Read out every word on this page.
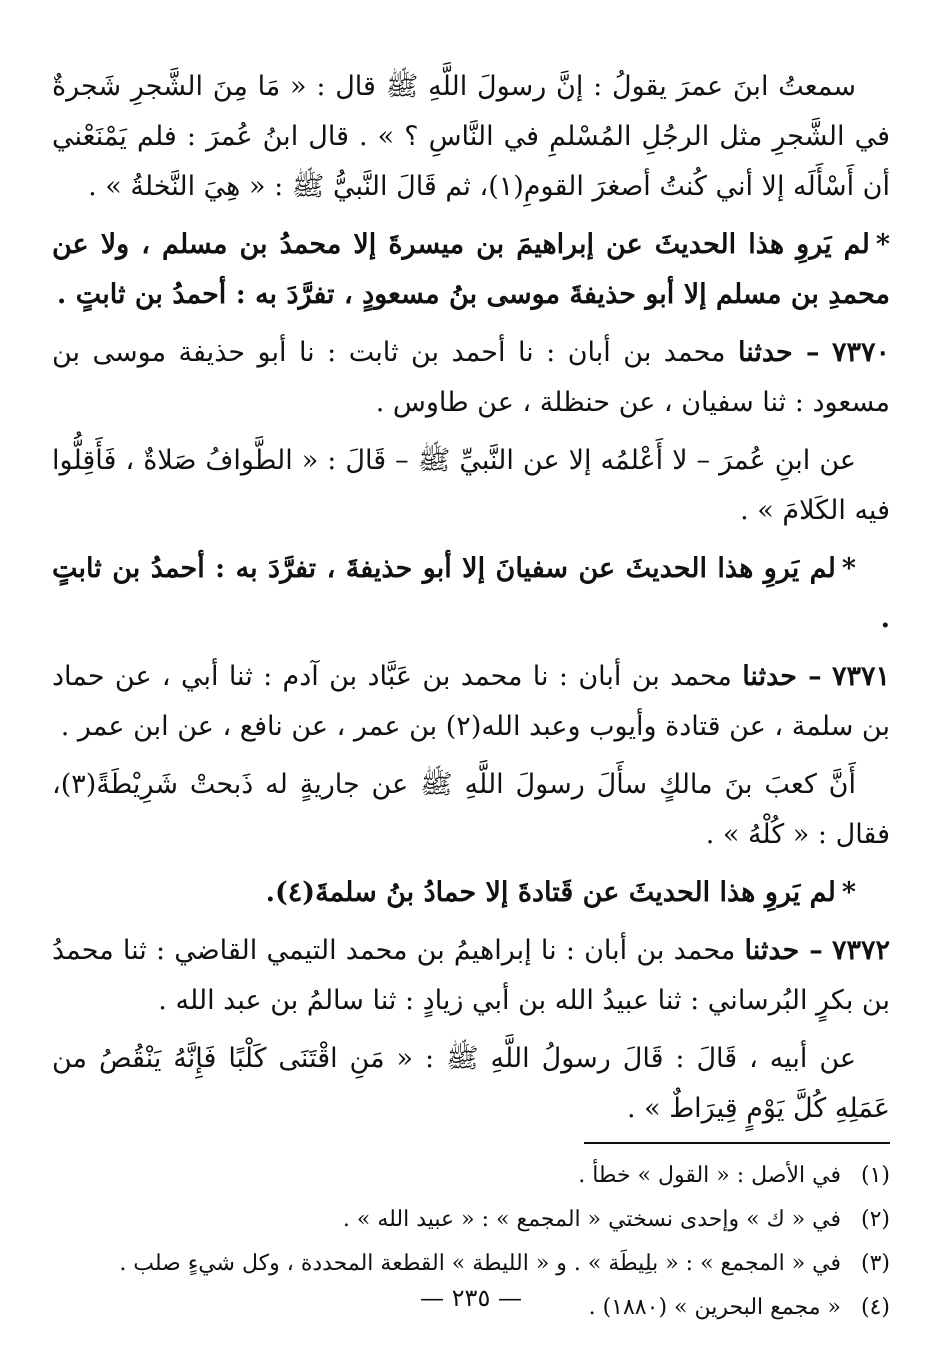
سمعتُ ابنَ عمرَ يقولُ : إنَّ رسولَ اللَّهِ ﷺ قال : « مَا مِنَ الشَّجرِ شَجرةٌ في الشَّجرِ مثل الرجُلِ المُسْلمِ في النَّاسِ ؟ » . قال ابنُ عُمرَ : فلم يَمْنَعْني أن أَسْأَلَه إلا أني كُنتُ أصغرَ القومِ(١)، ثم قَالَ النَّبيُّ ﷺ : « هِيَ النَّخلةُ » .

*لم يَروِ هذا الحديثَ عن إبراهيمَ بن ميسرةَ إلا محمدُ بن مسلم ، ولا عن محمدِ بن مسلم إلا أبو حذيفةَ موسى بنُ مسعودٍ ، تفرَّدَ به : أحمدُ بن ثابتٍ .

٧٣٧٠ – حدثنا محمد بن أبان : نا أحمد بن ثابت : نا أبو حذيفة موسى بن مسعود : ثنا سفيان ، عن حنظلة ، عن طاوس .

عن ابنِ عُمرَ – لا أَعْلمُه إلا عن النَّبيِّ ﷺ – قَالَ : « الطَّوافُ صَلاةٌ ، فَأَقِلُّوا فيه الكَلامَ » .

*لم يَروِ هذا الحديثَ عن سفيانَ إلا أبو حذيفةَ ، تفرَّدَ به : أحمدُ بن ثابتٍ .

٧٣٧١ – حدثنا محمد بن أبان : نا محمد بن عَبَّاد بن آدم : ثنا أبي ، عن حماد بن سلمة ، عن قتادة وأيوب وعبد الله(٢) بن عمر ، عن نافع ، عن ابن عمر .

أَنَّ كعبَ بنَ مالكٍ سأَلَ رسولَ اللَّهِ ﷺ عن جاريةٍ له ذَبحتْ شَرِيْطَةً(٣)، فقال : « كُلْهُ » .

*لم يَروِ هذا الحديثَ عن قَتادةَ إلا حمادُ بنُ سلمةَ(٤).

٧٣٧٢ – حدثنا محمد بن أبان : نا إبراهيمُ بن محمد التيمي القاضي : ثنا محمدُ بن بكرٍ البُرساني : ثنا عبيدُ الله بن أبي زيادٍ : ثنا سالمُ بن عبد الله .

عن أبيه ، قَالَ : قَالَ رسولُ اللَّهِ ﷺ : « مَنِ اقْتَنَى كَلْبًا فَإِنَّهُ يَنْقُصُ من عَمَلِهِ كُلَّ يَوْمٍ قِيرَاطٌ » .

(١) في الأصل : « القول » خطأ .

(٢) في « ك » وإحدى نسختي « المجمع » : « عبيد الله » .

(٣) في « المجمع » : « بلِيطَة » . و « الليطة » القطعة المحددة ، وكل شيءٍ صلب .

(٤) « مجمع البحرين » (١٨٨٠) .

— ٢٣٥ —
